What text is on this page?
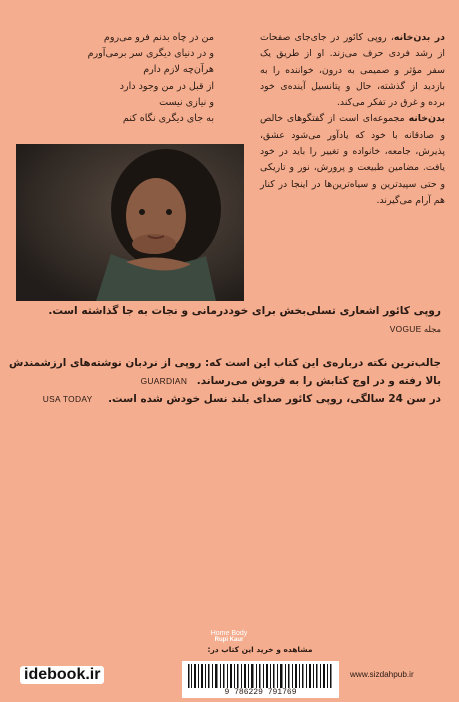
من در چاه بدنم فرو می‌روم
و در دنیای دیگری سر برمی‌آورم
هرآن‌چه لازم دارم
از قبل در من وجود دارد
و نیازی نیست
به جای دیگری نگاه کنم
در بدن‌خانه، روپی کائور در جای‌جای صفحات از رشد فردی حرف می‌زند. او از طریق یک سفر مؤثر و صمیمی به درون، خواننده را به بازدید از گذشته، حال و پتانسیل آینده‌ی خود برده و غرق در تفکر می‌کند.
بدن‌خانه مجموعه‌ای است از گفتگوهای خالص و صادقانه با خود که یادآور می‌شود عشق، پذیرش، جامعه، خانواده و تغییر را باید در خود یافت. مضامین طبیعت و پرورش، نور و تاریکی و حتی سپیدترین و سیاه‌ترین‌ها در اینجا در کنار هم آرام می‌گیرند.
روپی کائور اشعاری تسلی‌بخش برای خوددرمانی و نجات به جا گذاشته است.
مجله VOGUE
جالب‌ترین نکته درباره‌ی این کتاب این است که: روپی از نردبان نوشته‌های ارزشمندش
بالا رفته و در اوج کتابش را به فروش می‌رساند. GUARDIAN
در سن 24 سالگی، روپی کائور صدای بلند نسل خودش شده است. USA TODAY
Home Body
Rupi Kaur
9 786229 791769
مشاهده و خرید این کتاب در:
idebook.ir	www.sizdahpub.ir
